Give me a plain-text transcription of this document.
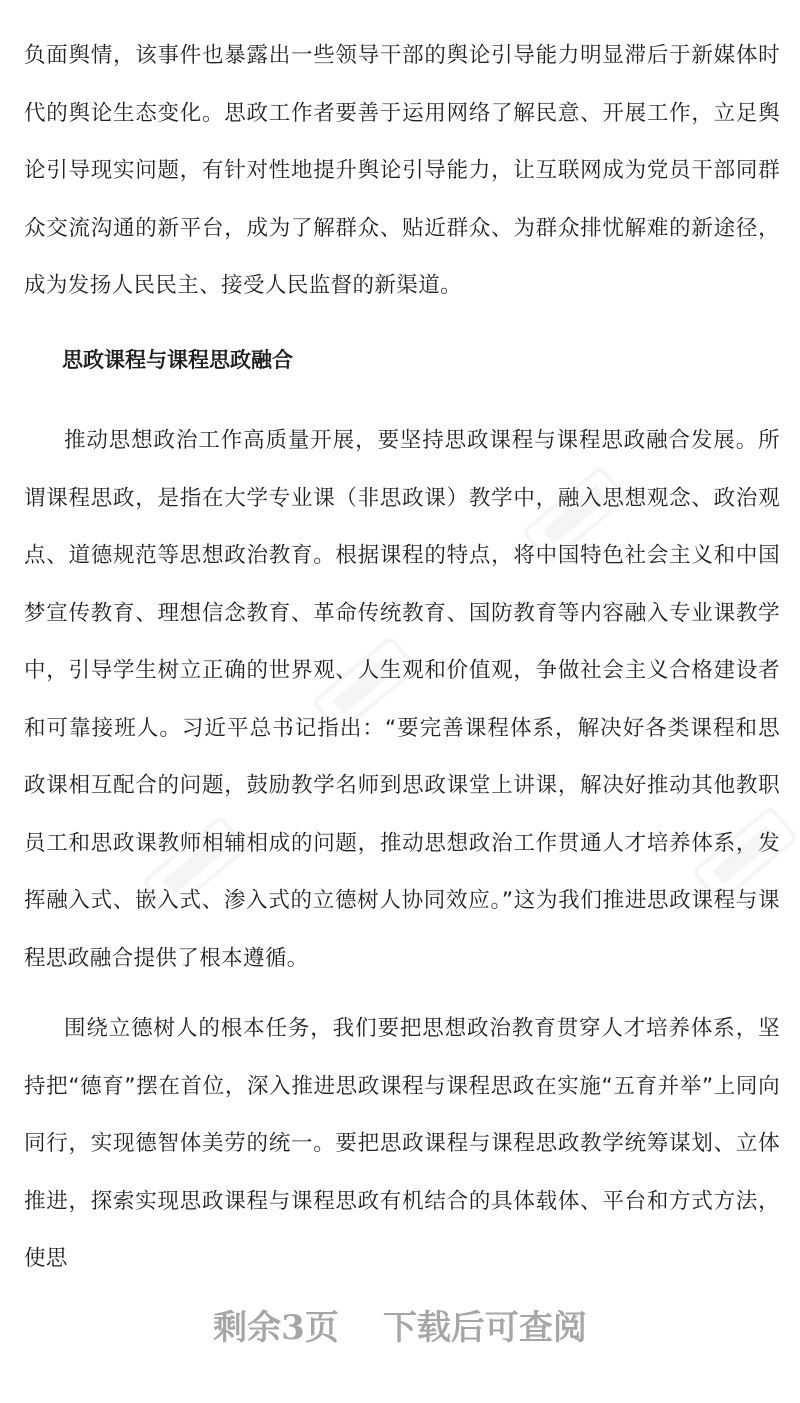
负面舆情，该事件也暴露出一些领导干部的舆论引导能力明显滞后于新媒体时代的舆论生态变化。思政工作者要善于运用网络了解民意、开展工作，立足舆论引导现实问题，有针对性地提升舆论引导能力，让互联网成为党员干部同群众交流沟通的新平台，成为了解群众、贴近群众、为群众排忧解难的新途径，成为发扬人民民主、接受人民监督的新渠道。

思政课程与课程思政融合

推动思想政治工作高质量开展，要坚持思政课程与课程思政融合发展。所谓课程思政，是指在大学专业课（非思政课）教学中，融入思想观念、政治观点、道德规范等思想政治教育。根据课程的特点，将中国特色社会主义和中国梦宣传教育、理想信念教育、革命传统教育、国防教育等内容融入专业课教学中，引导学生树立正确的世界观、人生观和价值观，争做社会主义合格建设者和可靠接班人。习近平总书记指出：“要完善课程体系，解决好各类课程和思政课相互配合的问题，鼓励教学名师到思政课堂上讲课，解决好推动其他教职员工和思政课教师相辅相成的问题，推动思想政治工作贯通人才培养体系，发挥融入式、嵌入式、渗入式的立德树人协同效应。”这为我们推进思政课程与课程思政融合提供了根本遵循。

围绕立德树人的根本任务，我们要把思想政治教育贯穿人才培养体系，坚持把“德育”摆在首位，深入推进思政课程与课程思政在实施“五育并举”上同向同行，实现德智体美劳的统一。要把思政课程与课程思政教学统筹谋划、立体推进，探索实现思政课程与课程思政有机结合的具体载体、平台和方式方法，使思

剩余3页 下载后可查阅
